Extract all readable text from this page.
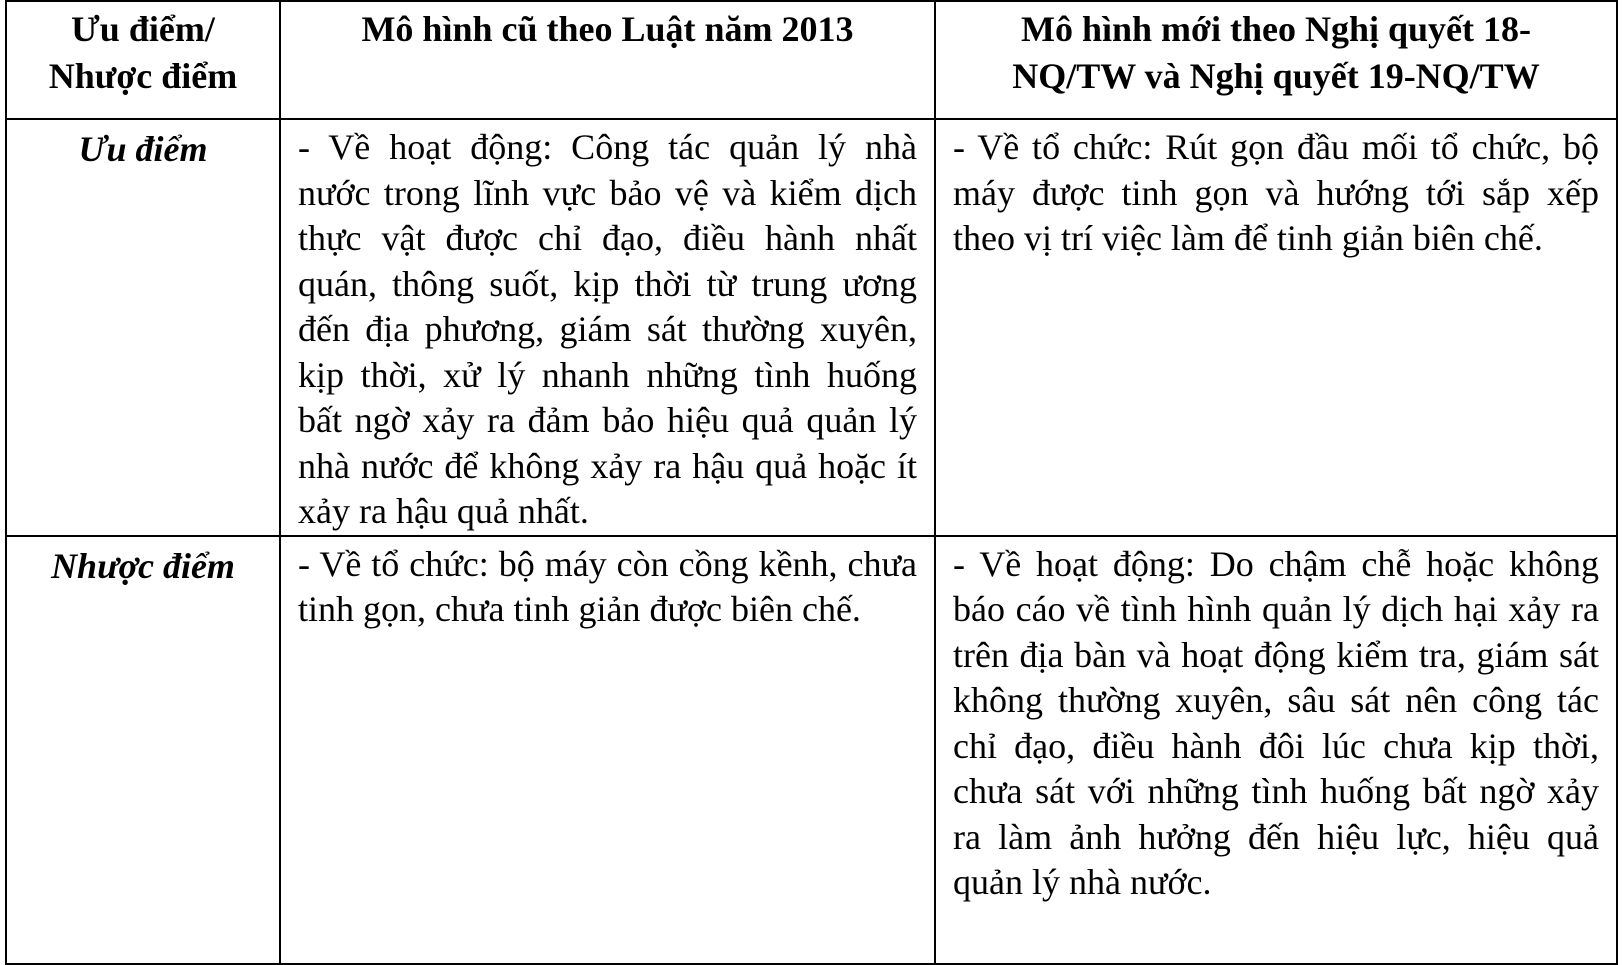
Ưu điểm/
Nhược điểm	Mô hình cũ theo Luật năm 2013	Mô hình mới theo Nghị quyết 18-
NQ/TW và Nghị quyết 19-NQ/TW

Ưu điểm	- Về hoạt động: Công tác quản lý nhà nước trong lĩnh vực bảo vệ và kiểm dịch thực vật được chỉ đạo, điều hành nhất quán, thông suốt, kịp thời từ trung ương đến địa phương, giám sát thường xuyên, kịp thời, xử lý nhanh những tình huống bất ngờ xảy ra đảm bảo hiệu quả quản lý nhà nước để không xảy ra hậu quả hoặc ít xảy ra hậu quả nhất.	- Về tổ chức: Rút gọn đầu mối tổ chức, bộ máy được tinh gọn và hướng tới sắp xếp theo vị trí việc làm để tinh giản biên chế.

Nhược điểm	- Về tổ chức: bộ máy còn cồng kềnh, chưa tinh gọn, chưa tinh giản được biên chế.	- Về hoạt động: Do chậm chễ hoặc không báo cáo về tình hình quản lý dịch hại xảy ra trên địa bàn và hoạt động kiểm tra, giám sát không thường xuyên, sâu sát nên công tác chỉ đạo, điều hành đôi lúc chưa kịp thời, chưa sát với những tình huống bất ngờ xảy ra làm ảnh hưởng đến hiệu lực, hiệu quả quản lý nhà nước.
